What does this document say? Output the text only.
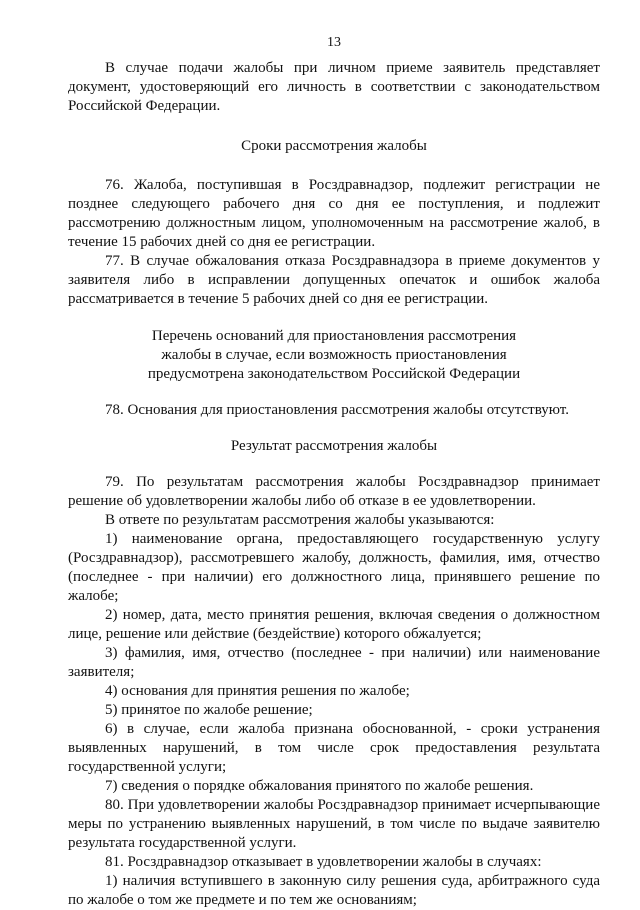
13

В случае подачи жалобы при личном приеме заявитель представляет документ, удостоверяющий его личность в соответствии с законодательством Российской Федерации.

Сроки рассмотрения жалобы

76. Жалоба, поступившая в Росздравнадзор, подлежит регистрации не позднее следующего рабочего дня со дня ее поступления, и подлежит рассмотрению должностным лицом, уполномоченным на рассмотрение жалоб, в течение 15 рабочих дней со дня ее регистрации.

77. В случае обжалования отказа Росздравнадзора в приеме документов у заявителя либо в исправлении допущенных опечаток и ошибок жалоба рассматривается в течение 5 рабочих дней со дня ее регистрации.

Перечень оснований для приостановления рассмотрения
жалобы в случае, если возможность приостановления
предусмотрена законодательством Российской Федерации

78. Основания для приостановления рассмотрения жалобы отсутствуют.

Результат рассмотрения жалобы

79. По результатам рассмотрения жалобы Росздравнадзор принимает решение об удовлетворении жалобы либо об отказе в ее удовлетворении.

В ответе по результатам рассмотрения жалобы указываются:

1) наименование органа, предоставляющего государственную услугу (Росздравнадзор), рассмотревшего жалобу, должность, фамилия, имя, отчество (последнее - при наличии) его должностного лица, принявшего решение по жалобе;

2) номер, дата, место принятия решения, включая сведения о должностном лице, решение или действие (бездействие) которого обжалуется;

3) фамилия, имя, отчество (последнее - при наличии) или наименование заявителя;

4) основания для принятия решения по жалобе;

5) принятое по жалобе решение;

6) в случае, если жалоба признана обоснованной, - сроки устранения выявленных нарушений, в том числе срок предоставления результата государственной услуги;

7) сведения о порядке обжалования принятого по жалобе решения.

80. При удовлетворении жалобы Росздравнадзор принимает исчерпывающие меры по устранению выявленных нарушений, в том числе по выдаче заявителю результата государственной услуги.

81. Росздравнадзор отказывает в удовлетворении жалобы в случаях:

1) наличия вступившего в законную силу решения суда, арбитражного суда по жалобе о том же предмете и по тем же основаниям;
